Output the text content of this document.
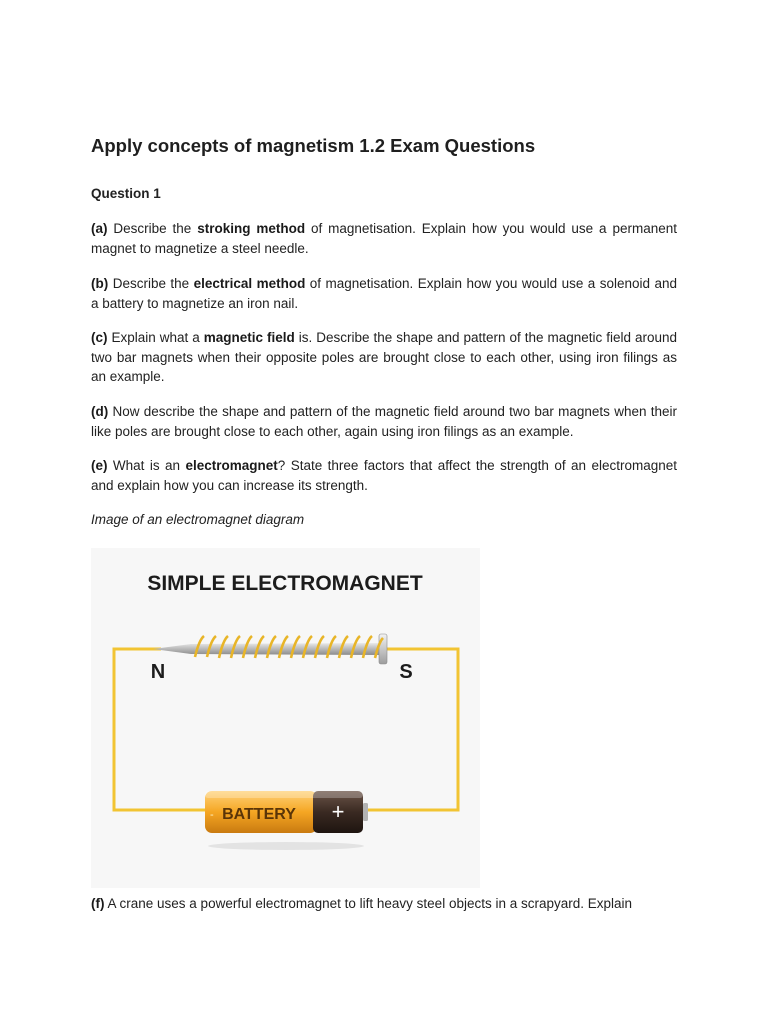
Apply concepts of magnetism 1.2 Exam Questions

Question 1

(a) Describe the stroking method of magnetisation. Explain how you would use a permanent magnet to magnetize a steel needle.

(b) Describe the electrical method of magnetisation. Explain how you would use a solenoid and a battery to magnetize an iron nail.

(c) Explain what a magnetic field is. Describe the shape and pattern of the magnetic field around two bar magnets when their opposite poles are brought close to each other, using iron filings as an example.

(d) Now describe the shape and pattern of the magnetic field around two bar magnets when their like poles are brought close to each other, again using iron filings as an example.

(e) What is an electromagnet? State three factors that affect the strength of an electromagnet and explain how you can increase its strength.

Image of an electromagnet diagram

SIMPLE ELECTROMAGNET
N	S
- BATTERY +

(f) A crane uses a powerful electromagnet to lift heavy steel objects in a scrapyard. Explain
